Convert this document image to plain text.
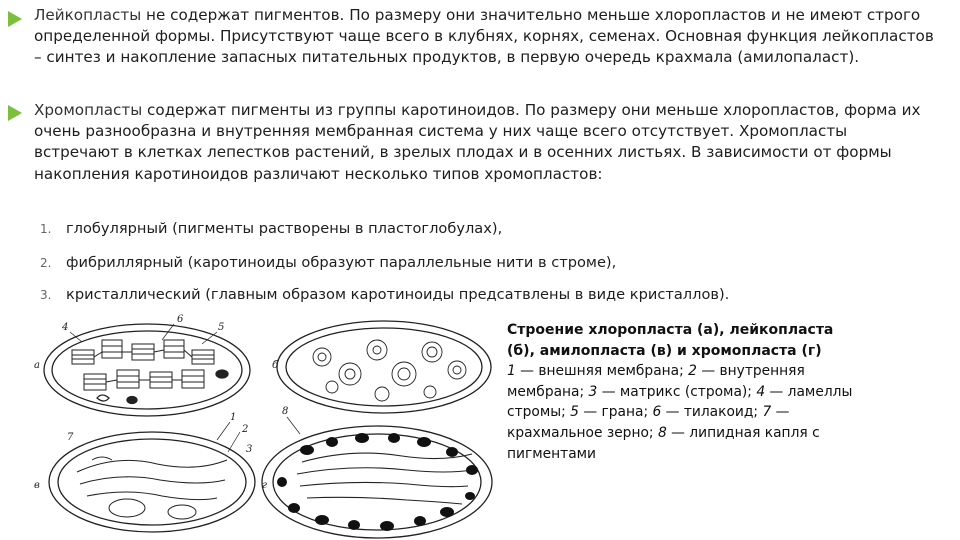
Лейкопласты не содержат пигментов. По размеру они значительно меньше хлоропластов и не имеют строго определенной формы. Присутствуют чаще всего в клубнях, корнях, семенах. Основная функция лейкопластов – синтез и накопление запасных питательных продуктов, в первую очередь крахмала (амилопаласт).

Хромопласты содержат пигменты из группы каротиноидов. По размеру они меньше хлоропластов, форма их очень разнообразна и внутренняя мембранная система у них чаще всего отсутствует. Хромопласты встречают в клетках лепестков растений, в зрелых плодах и в осенних листьях. В зависимости от формы накопления каротиноидов различают несколько типов хромопластов:

1. глобулярный (пигменты растворены в пластоглобулах),
2. фибриллярный (каротиноиды образуют параллельные нити в строме),
3. кристаллический (главным образом каротиноиды предсатвлены в виде кристаллов).
а	б
в	г
4
6
5
1
2
3
8
7

Строение хлоропласта (а), лейкопласта (б), амилопласта (в) и хромопласта (г)

1 — внешняя мембрана; 2 — внутренняя мембрана; 3 — матрикс (строма); 4 — ламеллы стромы; 5 — грана; 6 — тилакоид; 7 — крахмальное зерно; 8 — липидная капля с пигментами
